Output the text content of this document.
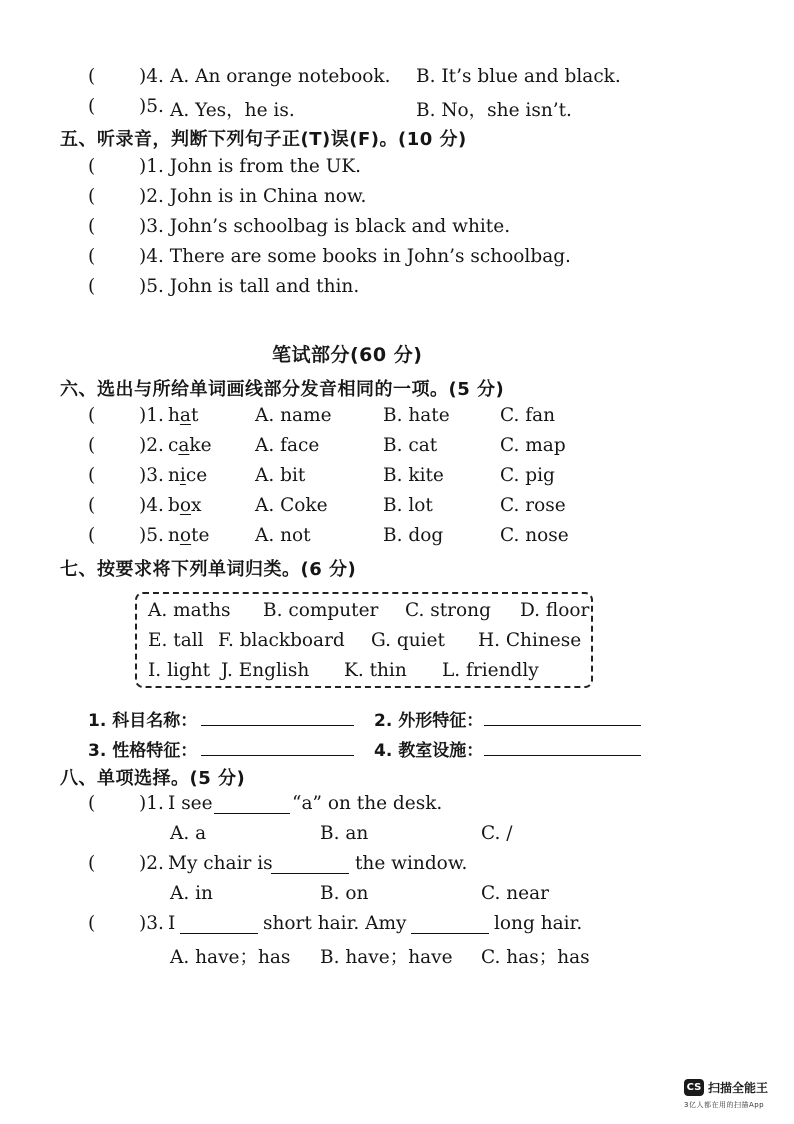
( )4. A. An orange notebook. B. It’s blue and black.
( )5. A. Yes，he is.	B. No，she isn’t.
五、听录音，判断下列句子正(T)误(F)。(10 分)
( )1. John is from the UK.
( )2. John is in China now.
( )3. John’s schoolbag is black and white.
( )4. There are some books in John’s schoolbag.
( )5. John is tall and thin.
笔试部分(60 分)
六、选出与所给单词画线部分发音相同的一项。(5 分)
( )1. hat	A. name	B. hate	C. fan
( )2. cake A. face	B. cat	C. map
( )3. nice	A. bit	B. kite	C. pig
( )4. box	A. Coke	B. lot	C. rose
( )5. note A. not	B. dog	C. nose
七、按要求将下列单词归类。(6 分)
A. maths B. computer C. strong D. floor
E. tall F. blackboard G. quiet H. Chinese
I. light J. English K. thin L. friendly
1. 科目名称：	2. 外形特征：
3. 性格特征：	4. 教室设施：
八、单项选择。(5 分)
( )1. I see	“a” on the desk.
A. a	B. an	C. /
( )2. My chair is	the window.
A. in	B. on	C. near
( )3. I	short hair. Amy	long hair.
A. have；has B. have；have C. has；has
CS 扫描全能王
3亿人都在用的扫描App
